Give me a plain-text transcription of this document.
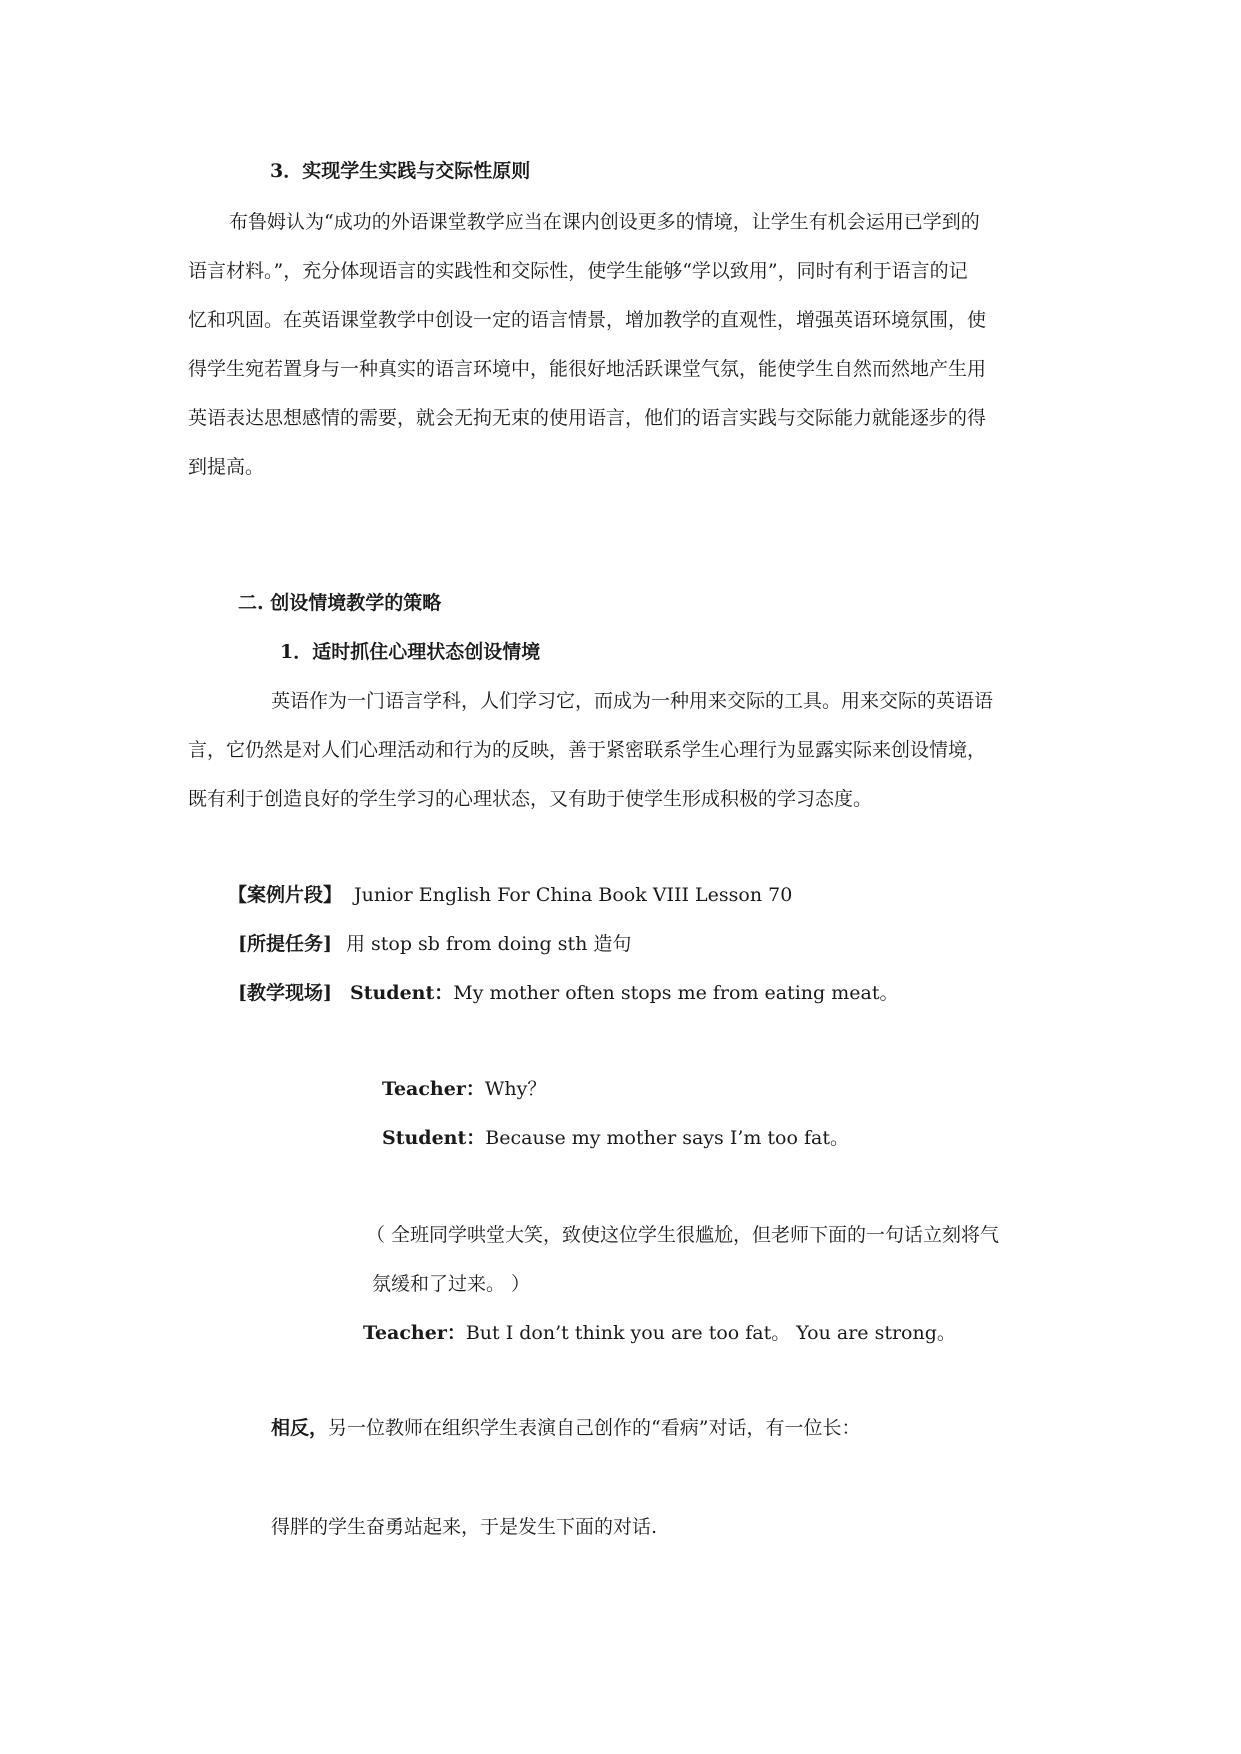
3．实现学生实践与交际性原则

布鲁姆认为“成功的外语课堂教学应当在课内创设更多的情境，让学生有机会运用已学到的

语言材料。”，充分体现语言的实践性和交际性，使学生能够“学以致用”，同时有利于语言的记

忆和巩固。在英语课堂教学中创设一定的语言情景，增加教学的直观性，增强英语环境氛围，使

得学生宛若置身与一种真实的语言环境中，能很好地活跃课堂气氛，能使学生自然而然地产生用

英语表达思想感情的需要，就会无拘无束的使用语言，他们的语言实践与交际能力就能逐步的得

到提高。

二. 创设情境教学的策略

1．适时抓住心理状态创设情境

英语作为一门语言学科，人们学习它，而成为一种用来交际的工具。用来交际的英语语

言，它仍然是对人们心理活动和行为的反映，善于紧密联系学生心理行为显露实际来创设情境，

既有利于创造良好的学生学习的心理状态，又有助于使学生形成积极的学习态度。

【案例片段】 Junior English For China Book VIII Lesson 70

[所提任务] 用 stop sb from doing sth 造句

[教学现场] Student：My mother often stops me from eating meat。

Teacher：Why？

Student：Because my mother says I’m too fat。

（ 全班同学哄堂大笑，致使这位学生很尴尬，但老师下面的一句话立刻将气

氛缓和了过来。 ）

Teacher：But I don’t think you are too fat。 You are strong。

相反，另一位教师在组织学生表演自己创作的“看病”对话，有一位长：

得胖的学生奋勇站起来，于是发生下面的对话.
